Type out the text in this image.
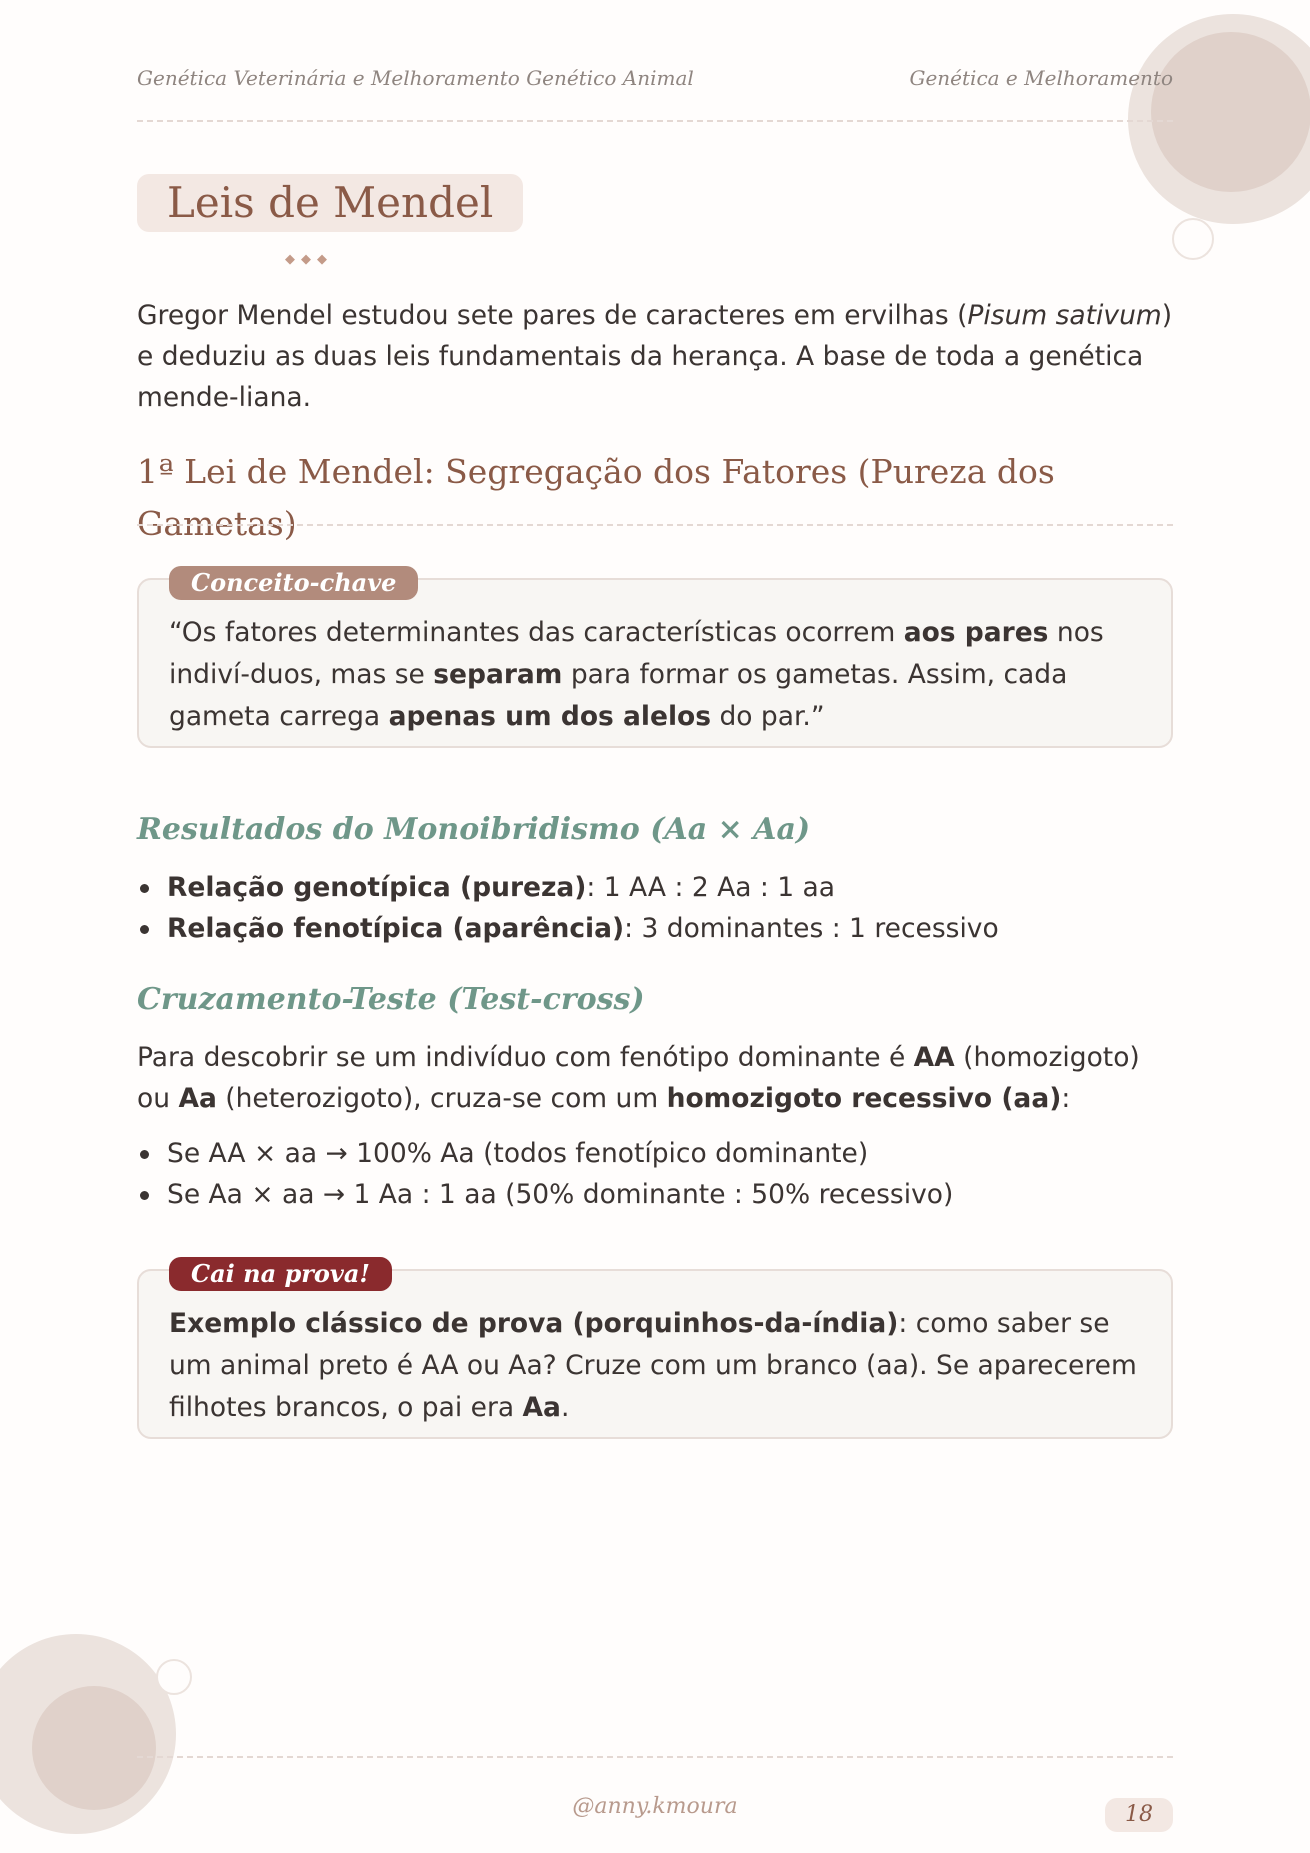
Genética Veterinária e Melhoramento Genético Animal	Genética e Melhoramento
Leis de Mendel
◆◆◆
Gregor Mendel estudou sete pares de caracteres em ervilhas (Pisum sativum) e deduziu as duas leis fundamentais da herança. A base de toda a genética mende-liana.
1ª Lei de Mendel: Segregação dos Fatores (Pureza dos Gametas)
Conceito-chave
“Os fatores determinantes das características ocorrem aos pares nos indiví-duos, mas se separam para formar os gametas. Assim, cada gameta carrega apenas um dos alelos do par.”
Resultados do Monoibridismo (Aa × Aa)
Relação genotípica (pureza): 1 AA : 2 Aa : 1 aa
Relação fenotípica (aparência): 3 dominantes : 1 recessivo
Cruzamento-Teste (Test-cross)
Para descobrir se um indivíduo com fenótipo dominante é AA (homozigoto) ou Aa (heterozigoto), cruza-se com um homozigoto recessivo (aa):
Se AA × aa → 100% Aa (todos fenotípico dominante)
Se Aa × aa → 1 Aa : 1 aa (50% dominante : 50% recessivo)
Cai na prova!
Exemplo clássico de prova (porquinhos-da-índia): como saber se um animal preto é AA ou Aa? Cruze com um branco (aa). Se aparecerem filhotes brancos, o pai era Aa.
@anny.kmoura	18
